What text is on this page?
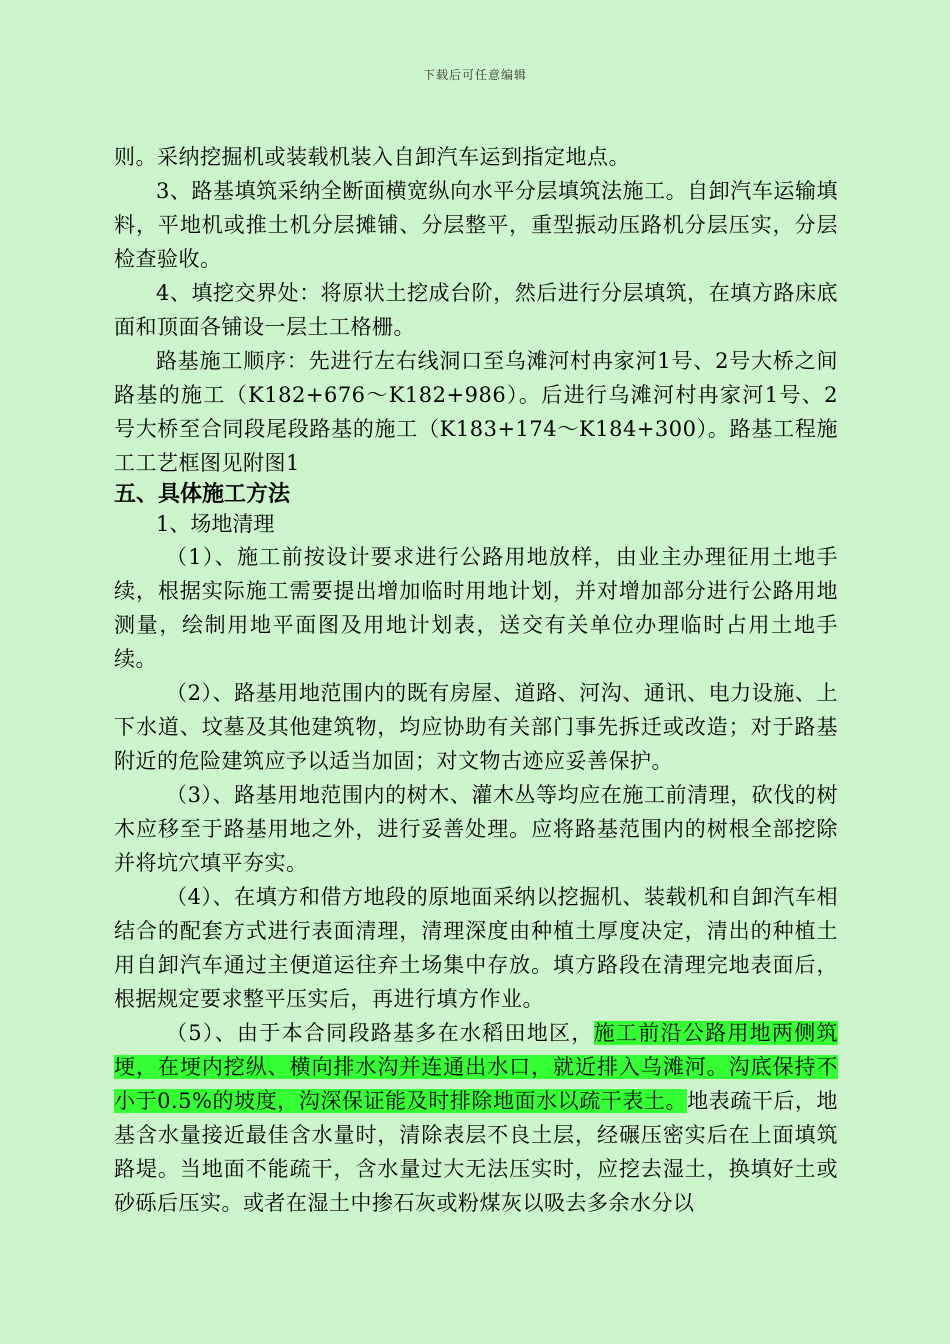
下载后可任意编辑

则。采纳挖掘机或装载机装入自卸汽车运到指定地点。

3、路基填筑采纳全断面横宽纵向水平分层填筑法施工。自卸汽车运输填料，平地机或推土机分层摊铺、分层整平，重型振动压路机分层压实，分层检查验收。

4、填挖交界处：将原状土挖成台阶，然后进行分层填筑，在填方路床底面和顶面各铺设一层土工格栅。

路基施工顺序：先进行左右线洞口至乌滩河村冉家河1号、2号大桥之间路基的施工（K182+676～K182+986）。后进行乌滩河村冉家河1号、2号大桥至合同段尾段路基的施工（K183+174～K184+300）。路基工程施工工艺框图见附图1

五、具体施工方法

1、场地清理

（1）、施工前按设计要求进行公路用地放样，由业主办理征用土地手续，根据实际施工需要提出增加临时用地计划，并对增加部分进行公路用地测量，绘制用地平面图及用地计划表，送交有关单位办理临时占用土地手续。

（2）、路基用地范围内的既有房屋、道路、河沟、通讯、电力设施、上下水道、坟墓及其他建筑物，均应协助有关部门事先拆迁或改造；对于路基附近的危险建筑应予以适当加固；对文物古迹应妥善保护。

（3）、路基用地范围内的树木、灌木丛等均应在施工前清理，砍伐的树木应移至于路基用地之外，进行妥善处理。应将路基范围内的树根全部挖除并将坑穴填平夯实。

（4）、在填方和借方地段的原地面采纳以挖掘机、装载机和自卸汽车相结合的配套方式进行表面清理，清理深度由种植土厚度决定，清出的种植土用自卸汽车通过主便道运往弃土场集中存放。填方路段在清理完地表面后，根据规定要求整平压实后，再进行填方作业。

（5）、由于本合同段路基多在水稻田地区，施工前沿公路用地两侧筑埂，在埂内挖纵、横向排水沟并连通出水口，就近排入乌滩河。沟底保持不小于0.5%的坡度，沟深保证能及时排除地面水以疏干表土。地表疏干后，地基含水量接近最佳含水量时，清除表层不良土层，经碾压密实后在上面填筑路堤。当地面不能疏干，含水量过大无法压实时，应挖去湿土，换填好土或砂砾后压实。或者在湿土中掺石灰或粉煤灰以吸去多余水分以
